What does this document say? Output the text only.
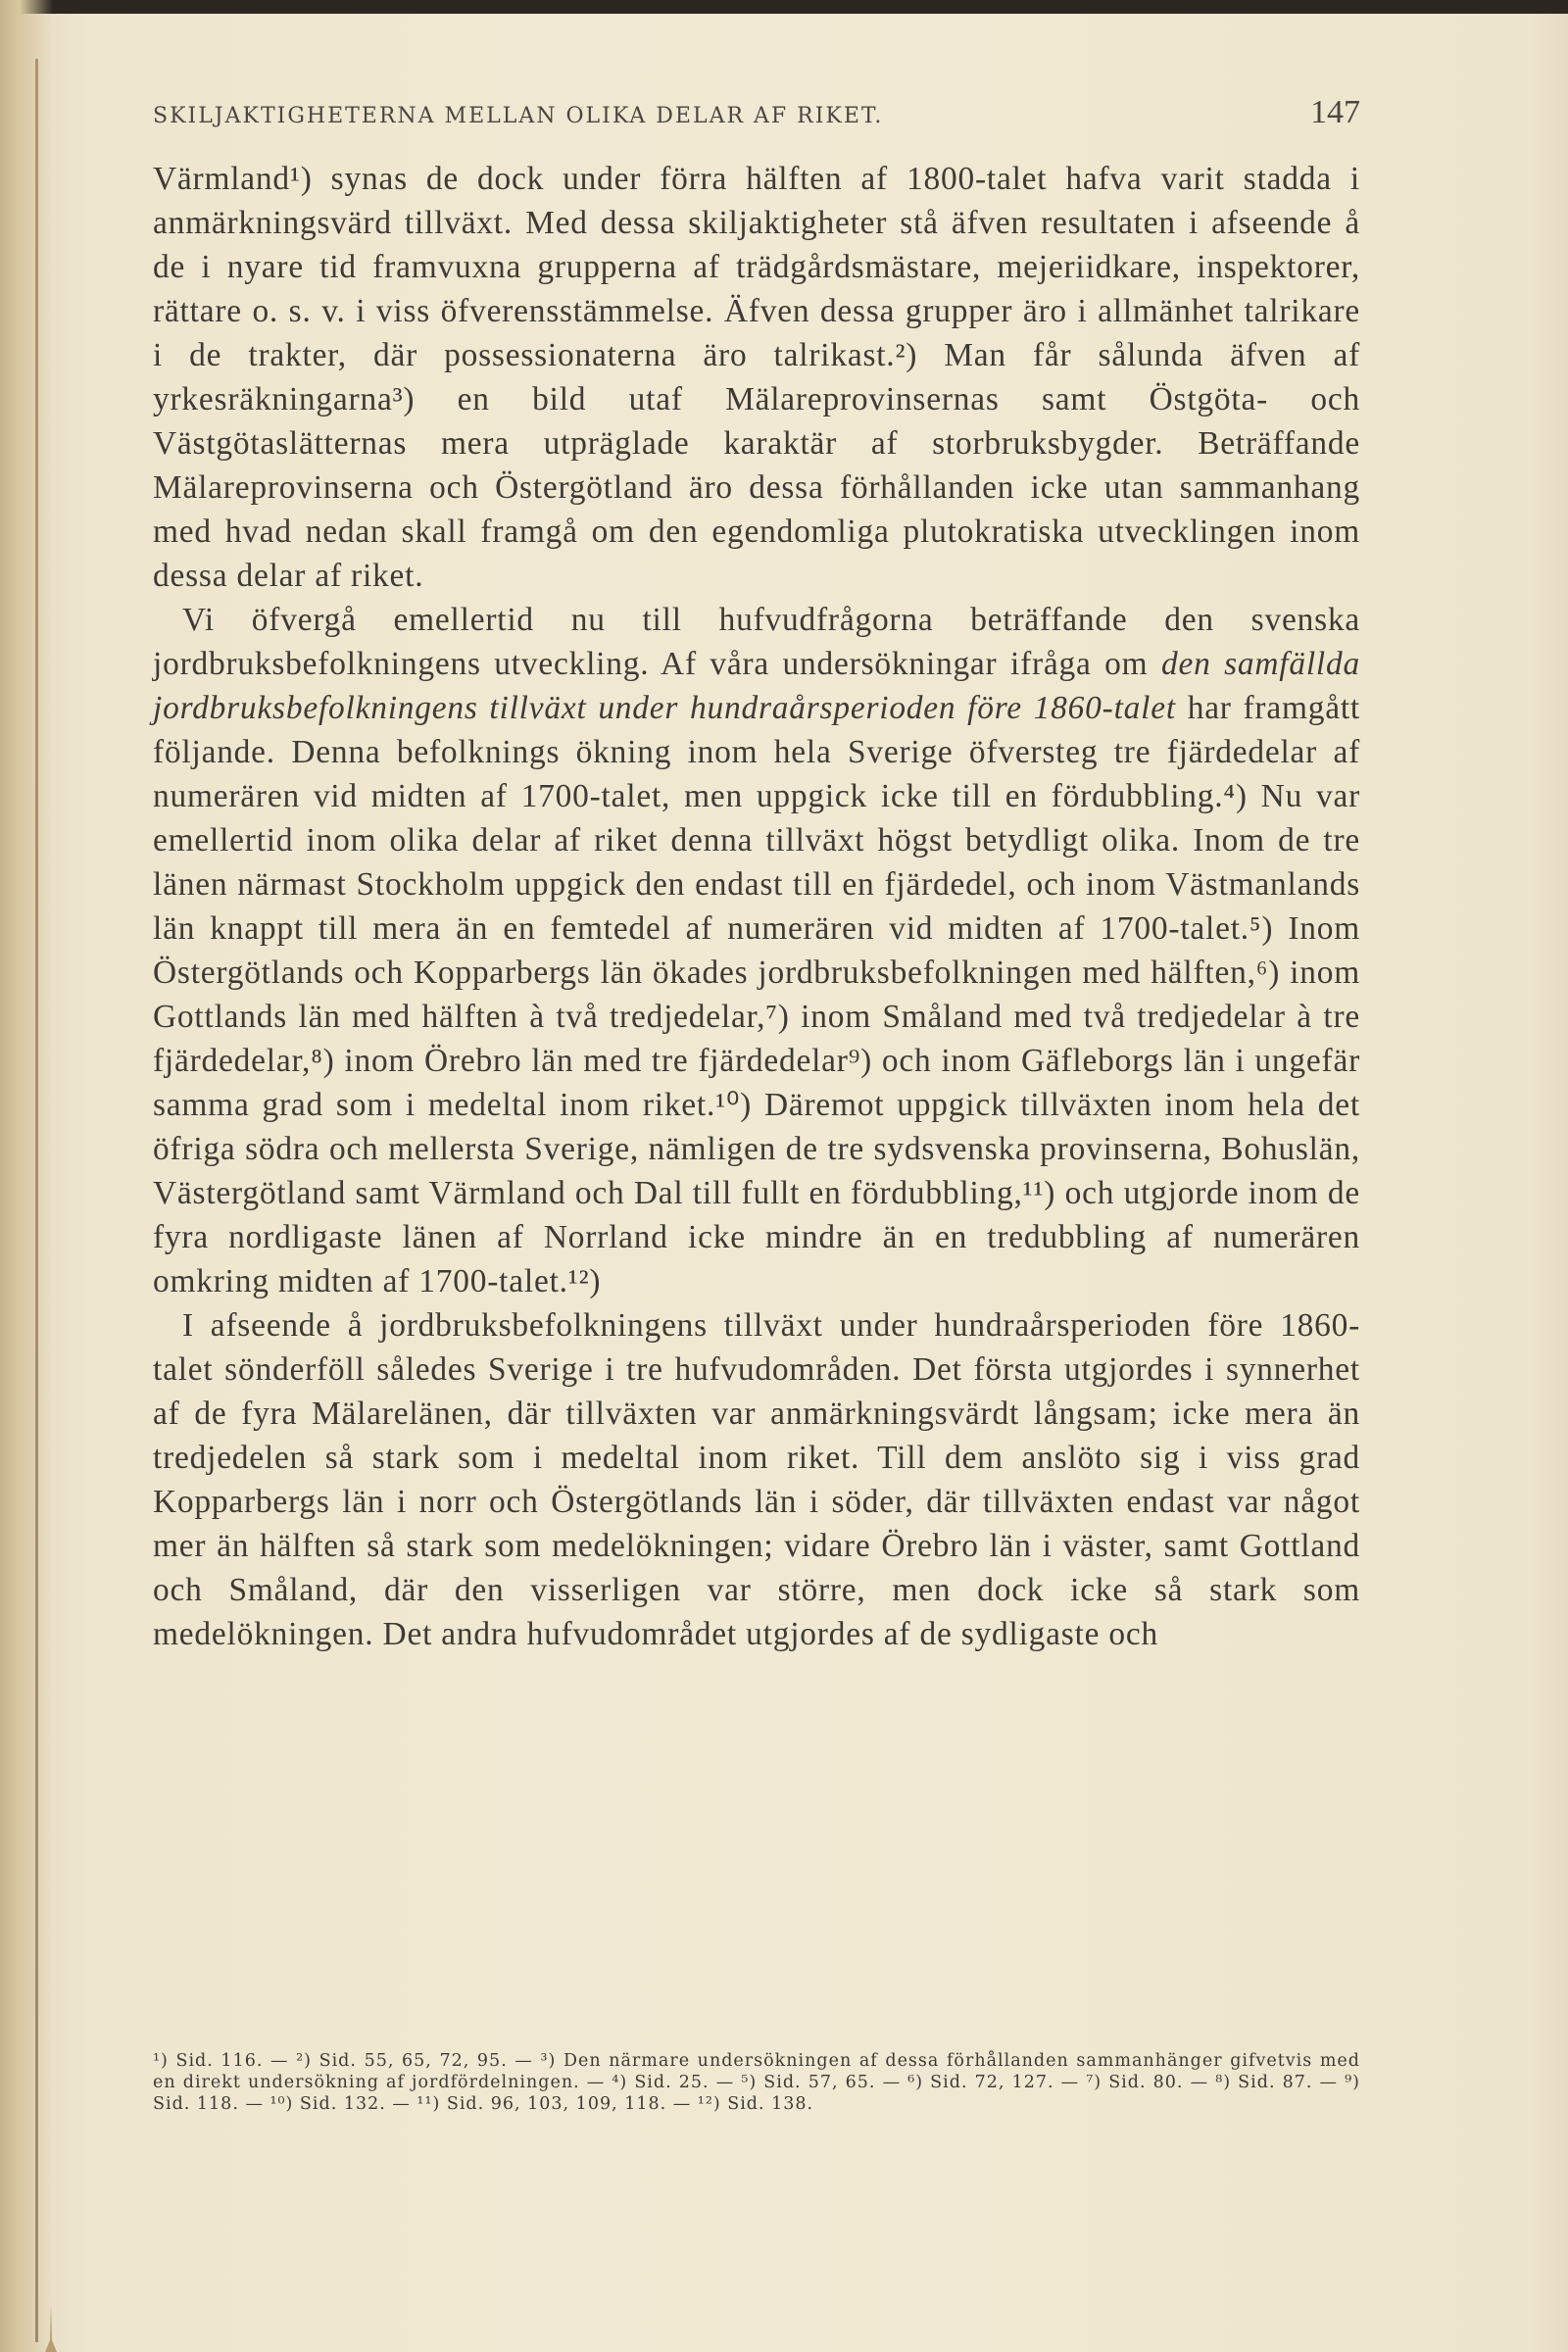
SKILJAKTIGHETERNA MELLAN OLIKA DELAR AF RIKET.	147

Värmland¹) synas de dock under förra hälften af 1800-talet hafva varit stadda i anmärkningsvärd tillväxt. Med dessa skiljaktigheter stå äfven resultaten i afseende å de i nyare tid framvuxna grupperna af trädgårdsmästare, mejeriidkare, inspektorer, rättare o. s. v. i viss öfverensstämmelse. Äfven dessa grupper äro i allmänhet talrikare i de trakter, där possessionaterna äro talrikast.²) Man får sålunda äfven af yrkesräkningarna³) en bild utaf Mälareprovinsernas samt Östgöta- och Västgötaslätternas mera utpräglade karaktär af storbruksbygder. Beträffande Mälareprovinserna och Östergötland äro dessa förhållanden icke utan sammanhang med hvad nedan skall framgå om den egendomliga plutokratiska utvecklingen inom dessa delar af riket.

Vi öfvergå emellertid nu till hufvudfrågorna beträffande den svenska jordbruksbefolkningens utveckling. Af våra undersökningar ifråga om den samfällda jordbruksbefolkningens tillväxt under hundraårsperioden före 1860-talet har framgått följande. Denna befolknings ökning inom hela Sverige öfversteg tre fjärdedelar af numerären vid midten af 1700-talet, men uppgick icke till en fördubbling.⁴) Nu var emellertid inom olika delar af riket denna tillväxt högst betydligt olika. Inom de tre länen närmast Stockholm uppgick den endast till en fjärdedel, och inom Västmanlands län knappt till mera än en femtedel af numerären vid midten af 1700-talet.⁵) Inom Östergötlands och Kopparbergs län ökades jordbruksbefolkningen med hälften,⁶) inom Gottlands län med hälften à två tredjedelar,⁷) inom Småland med två tredjedelar à tre fjärdedelar,⁸) inom Örebro län med tre fjärdedelar⁹) och inom Gäfleborgs län i ungefär samma grad som i medeltal inom riket.¹⁰) Däremot uppgick tillväxten inom hela det öfriga södra och mellersta Sverige, nämligen de tre sydsvenska provinserna, Bohuslän, Västergötland samt Värmland och Dal till fullt en fördubbling,¹¹) och utgjorde inom de fyra nordligaste länen af Norrland icke mindre än en tredubbling af numerären omkring midten af 1700-talet.¹²)

I afseende å jordbruksbefolkningens tillväxt under hundraårsperioden före 1860-talet sönderföll således Sverige i tre hufvudområden. Det första utgjordes i synnerhet af de fyra Mälarelänen, där tillväxten var anmärkningsvärdt långsam; icke mera än tredjedelen så stark som i medeltal inom riket. Till dem anslöto sig i viss grad Kopparbergs län i norr och Östergötlands län i söder, där tillväxten endast var något mer än hälften så stark som medelökningen; vidare Örebro län i väster, samt Gottland och Småland, där den visserligen var större, men dock icke så stark som medelökningen. Det andra hufvudområdet utgjordes af de sydligaste och

¹) Sid. 116. — ²) Sid. 55, 65, 72, 95. — ³) Den närmare undersökningen af dessa förhållanden sammanhänger gifvetvis med en direkt undersökning af jordfördelningen. — ⁴) Sid. 25. — ⁵) Sid. 57, 65. — ⁶) Sid. 72, 127. — ⁷) Sid. 80. — ⁸) Sid. 87. — ⁹) Sid. 118. — ¹⁰) Sid. 132. — ¹¹) Sid. 96, 103, 109, 118. — ¹²) Sid. 138.
